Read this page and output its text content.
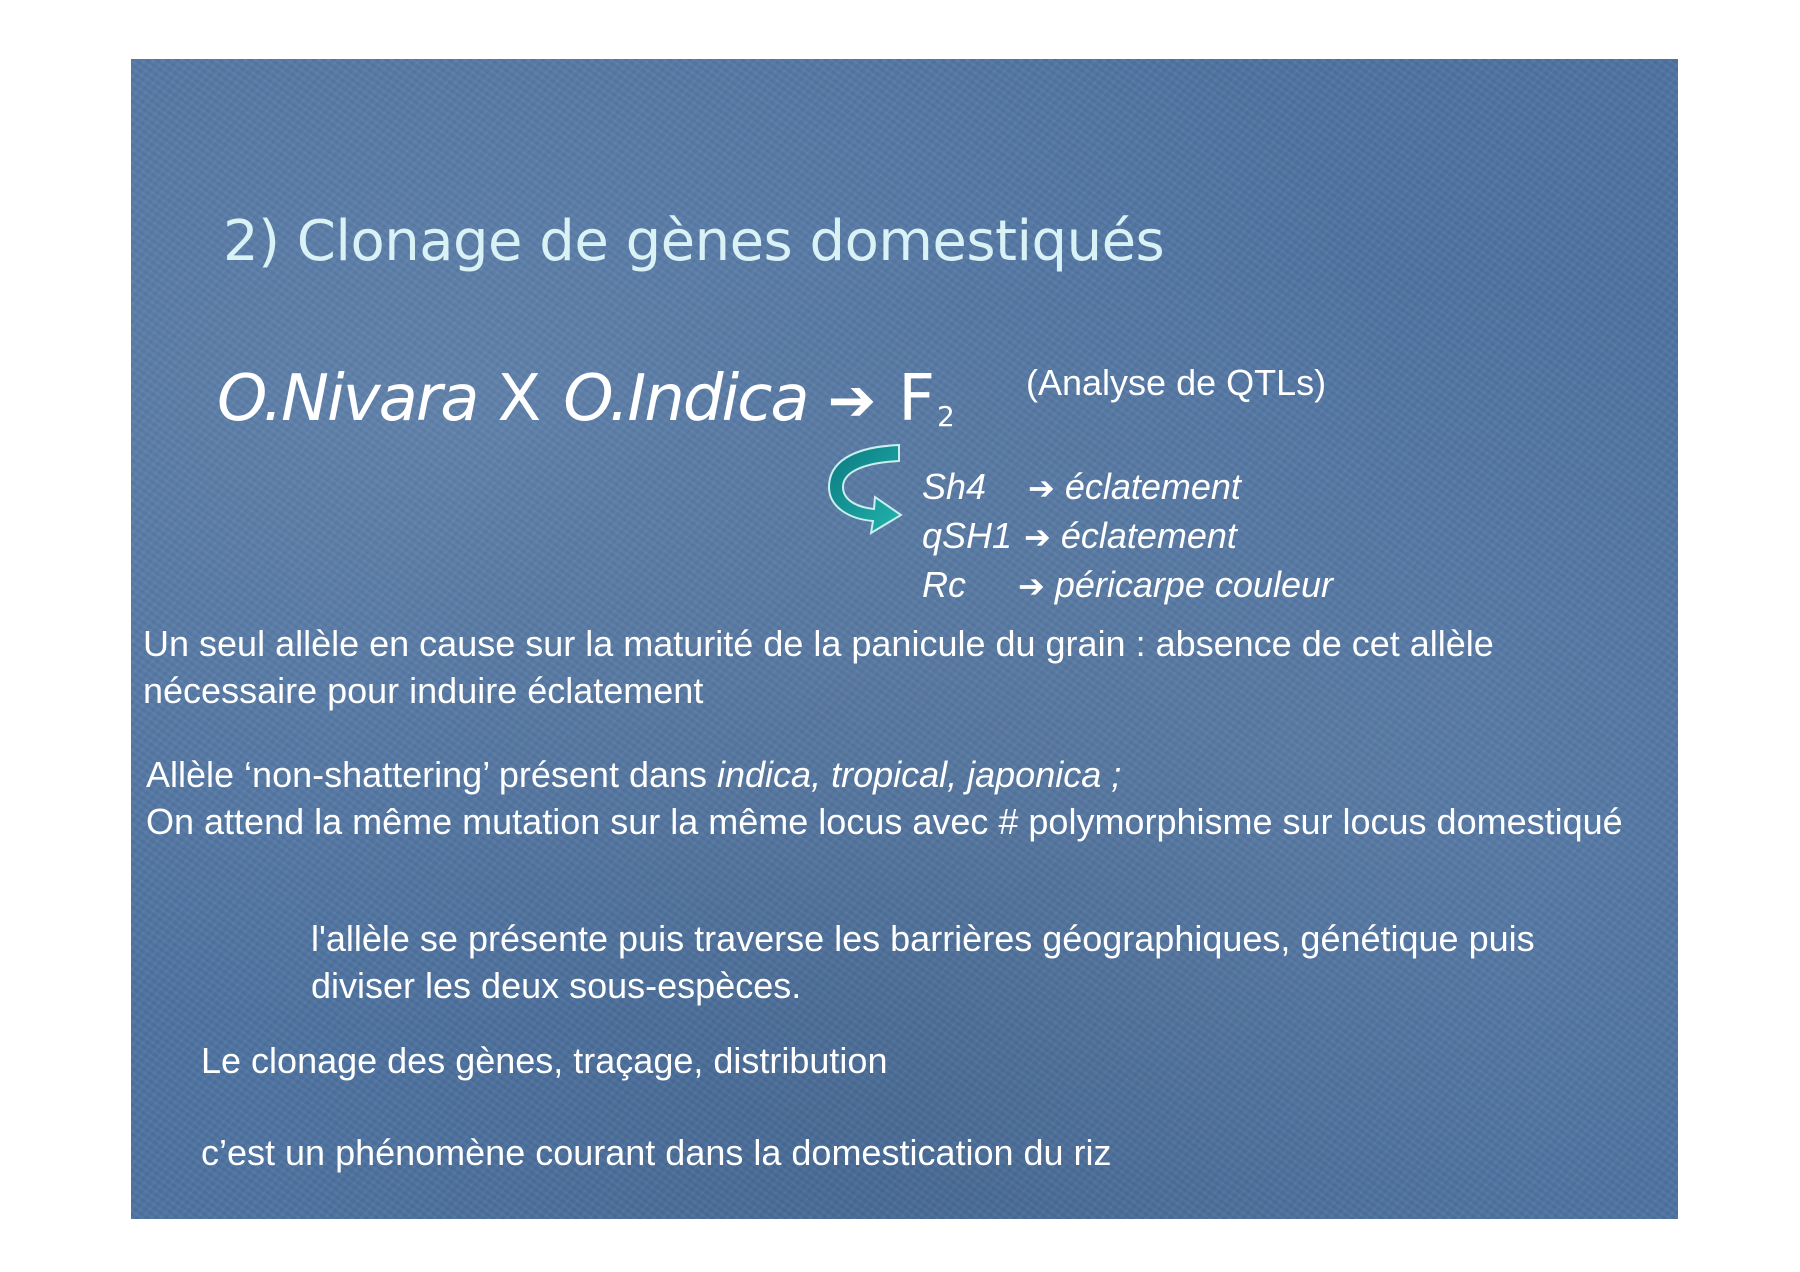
2) Clonage de gènes domestiqués
O.Nivara X O.Indica ➔ $F_2$
(Analyse de QTLs)
Sh4 ➔ éclatement
qSH1 ➔ éclatement
Rc ➔ péricarpe couleur
Un seul allèle en cause sur la maturité de la panicule du grain : absence de cet allèle nécessaire pour induire éclatement
Allèle ‘non-shattering’ présent dans indica, tropical, japonica ;
On attend la même mutation sur la même locus avec # polymorphisme sur locus domestiqué
l'allèle se présente puis traverse les barrières géographiques, génétique puis diviser les deux sous-espèces.
Le clonage des gènes, traçage, distribution
c’est un phénomène courant dans la domestication du riz
